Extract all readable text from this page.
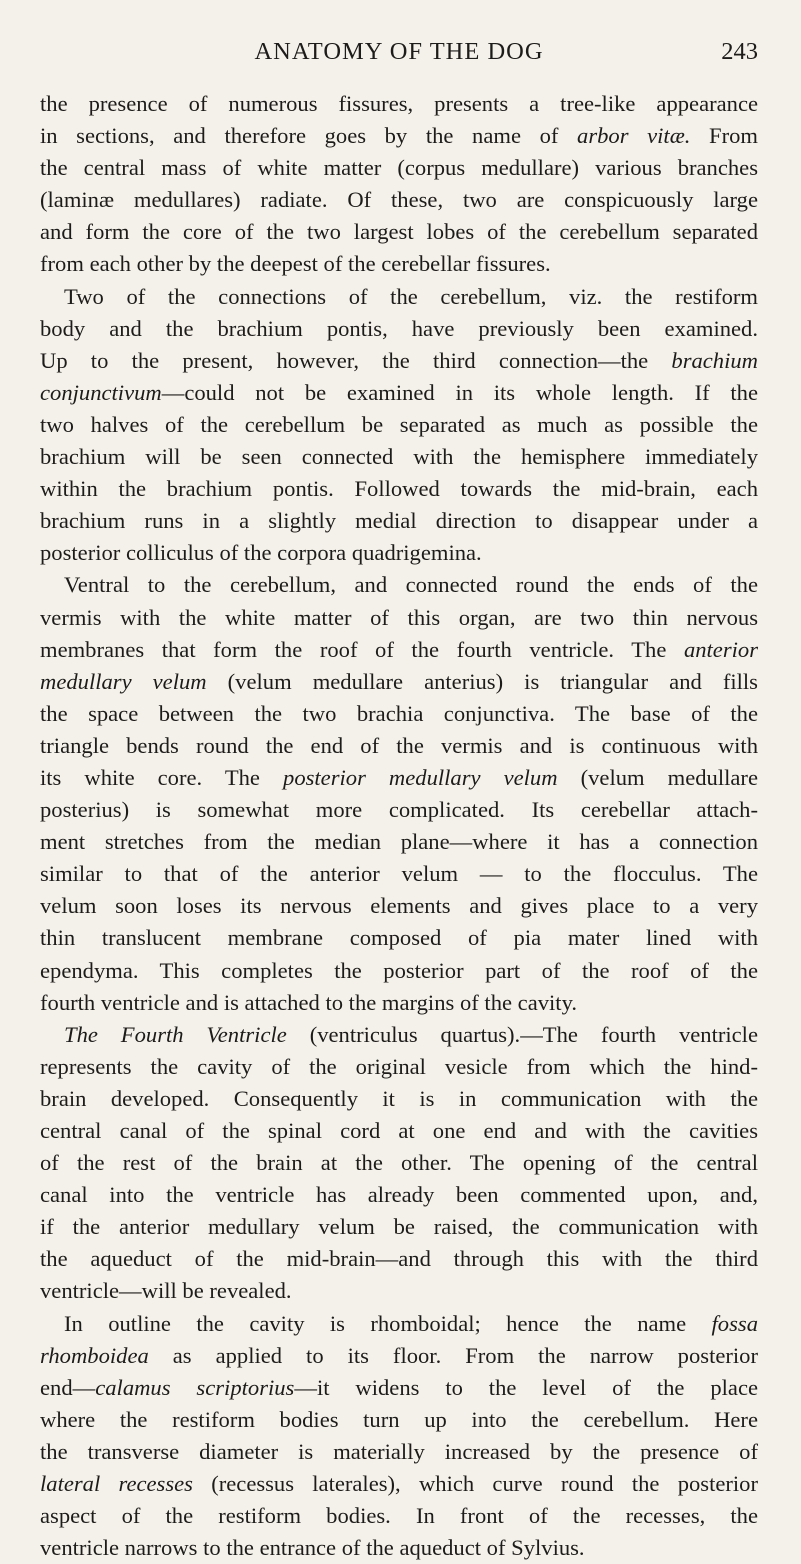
ANATOMY OF THE DOG	243
the presence of numerous fissures, presents a tree-like appearance
in sections, and therefore goes by the name of arbor vitæ. From
the central mass of white matter (corpus medullare) various branches
(laminæ medullares) radiate. Of these, two are conspicuously large
and form the core of the two largest lobes of the cerebellum separated
from each other by the deepest of the cerebellar fissures.
Two of the connections of the cerebellum, viz. the restiform
body and the brachium pontis, have previously been examined.
Up to the present, however, the third connection—the brachium
conjunctivum—could not be examined in its whole length. If the
two halves of the cerebellum be separated as much as possible the
brachium will be seen connected with the hemisphere immediately
within the brachium pontis. Followed towards the mid-brain, each
brachium runs in a slightly medial direction to disappear under a
posterior colliculus of the corpora quadrigemina.
Ventral to the cerebellum, and connected round the ends of the
vermis with the white matter of this organ, are two thin nervous
membranes that form the roof of the fourth ventricle. The anterior
medullary velum (velum medullare anterius) is triangular and fills
the space between the two brachia conjunctiva. The base of the
triangle bends round the end of the vermis and is continuous with
its white core. The posterior medullary velum (velum medullare
posterius) is somewhat more complicated. Its cerebellar attach-
ment stretches from the median plane—where it has a connection
similar to that of the anterior velum — to the flocculus. The
velum soon loses its nervous elements and gives place to a very
thin translucent membrane composed of pia mater lined with
ependyma. This completes the posterior part of the roof of the
fourth ventricle and is attached to the margins of the cavity.
The Fourth Ventricle (ventriculus quartus).—The fourth ventricle
represents the cavity of the original vesicle from which the hind-
brain developed. Consequently it is in communication with the
central canal of the spinal cord at one end and with the cavities
of the rest of the brain at the other. The opening of the central
canal into the ventricle has already been commented upon, and,
if the anterior medullary velum be raised, the communication with
the aqueduct of the mid-brain—and through this with the third
ventricle—will be revealed.
In outline the cavity is rhomboidal; hence the name fossa
rhomboidea as applied to its floor. From the narrow posterior
end—calamus scriptorius—it widens to the level of the place
where the restiform bodies turn up into the cerebellum. Here
the transverse diameter is materially increased by the presence of
lateral recesses (recessus laterales), which curve round the posterior
aspect of the restiform bodies. In front of the recesses, the
ventricle narrows to the entrance of the aqueduct of Sylvius.
